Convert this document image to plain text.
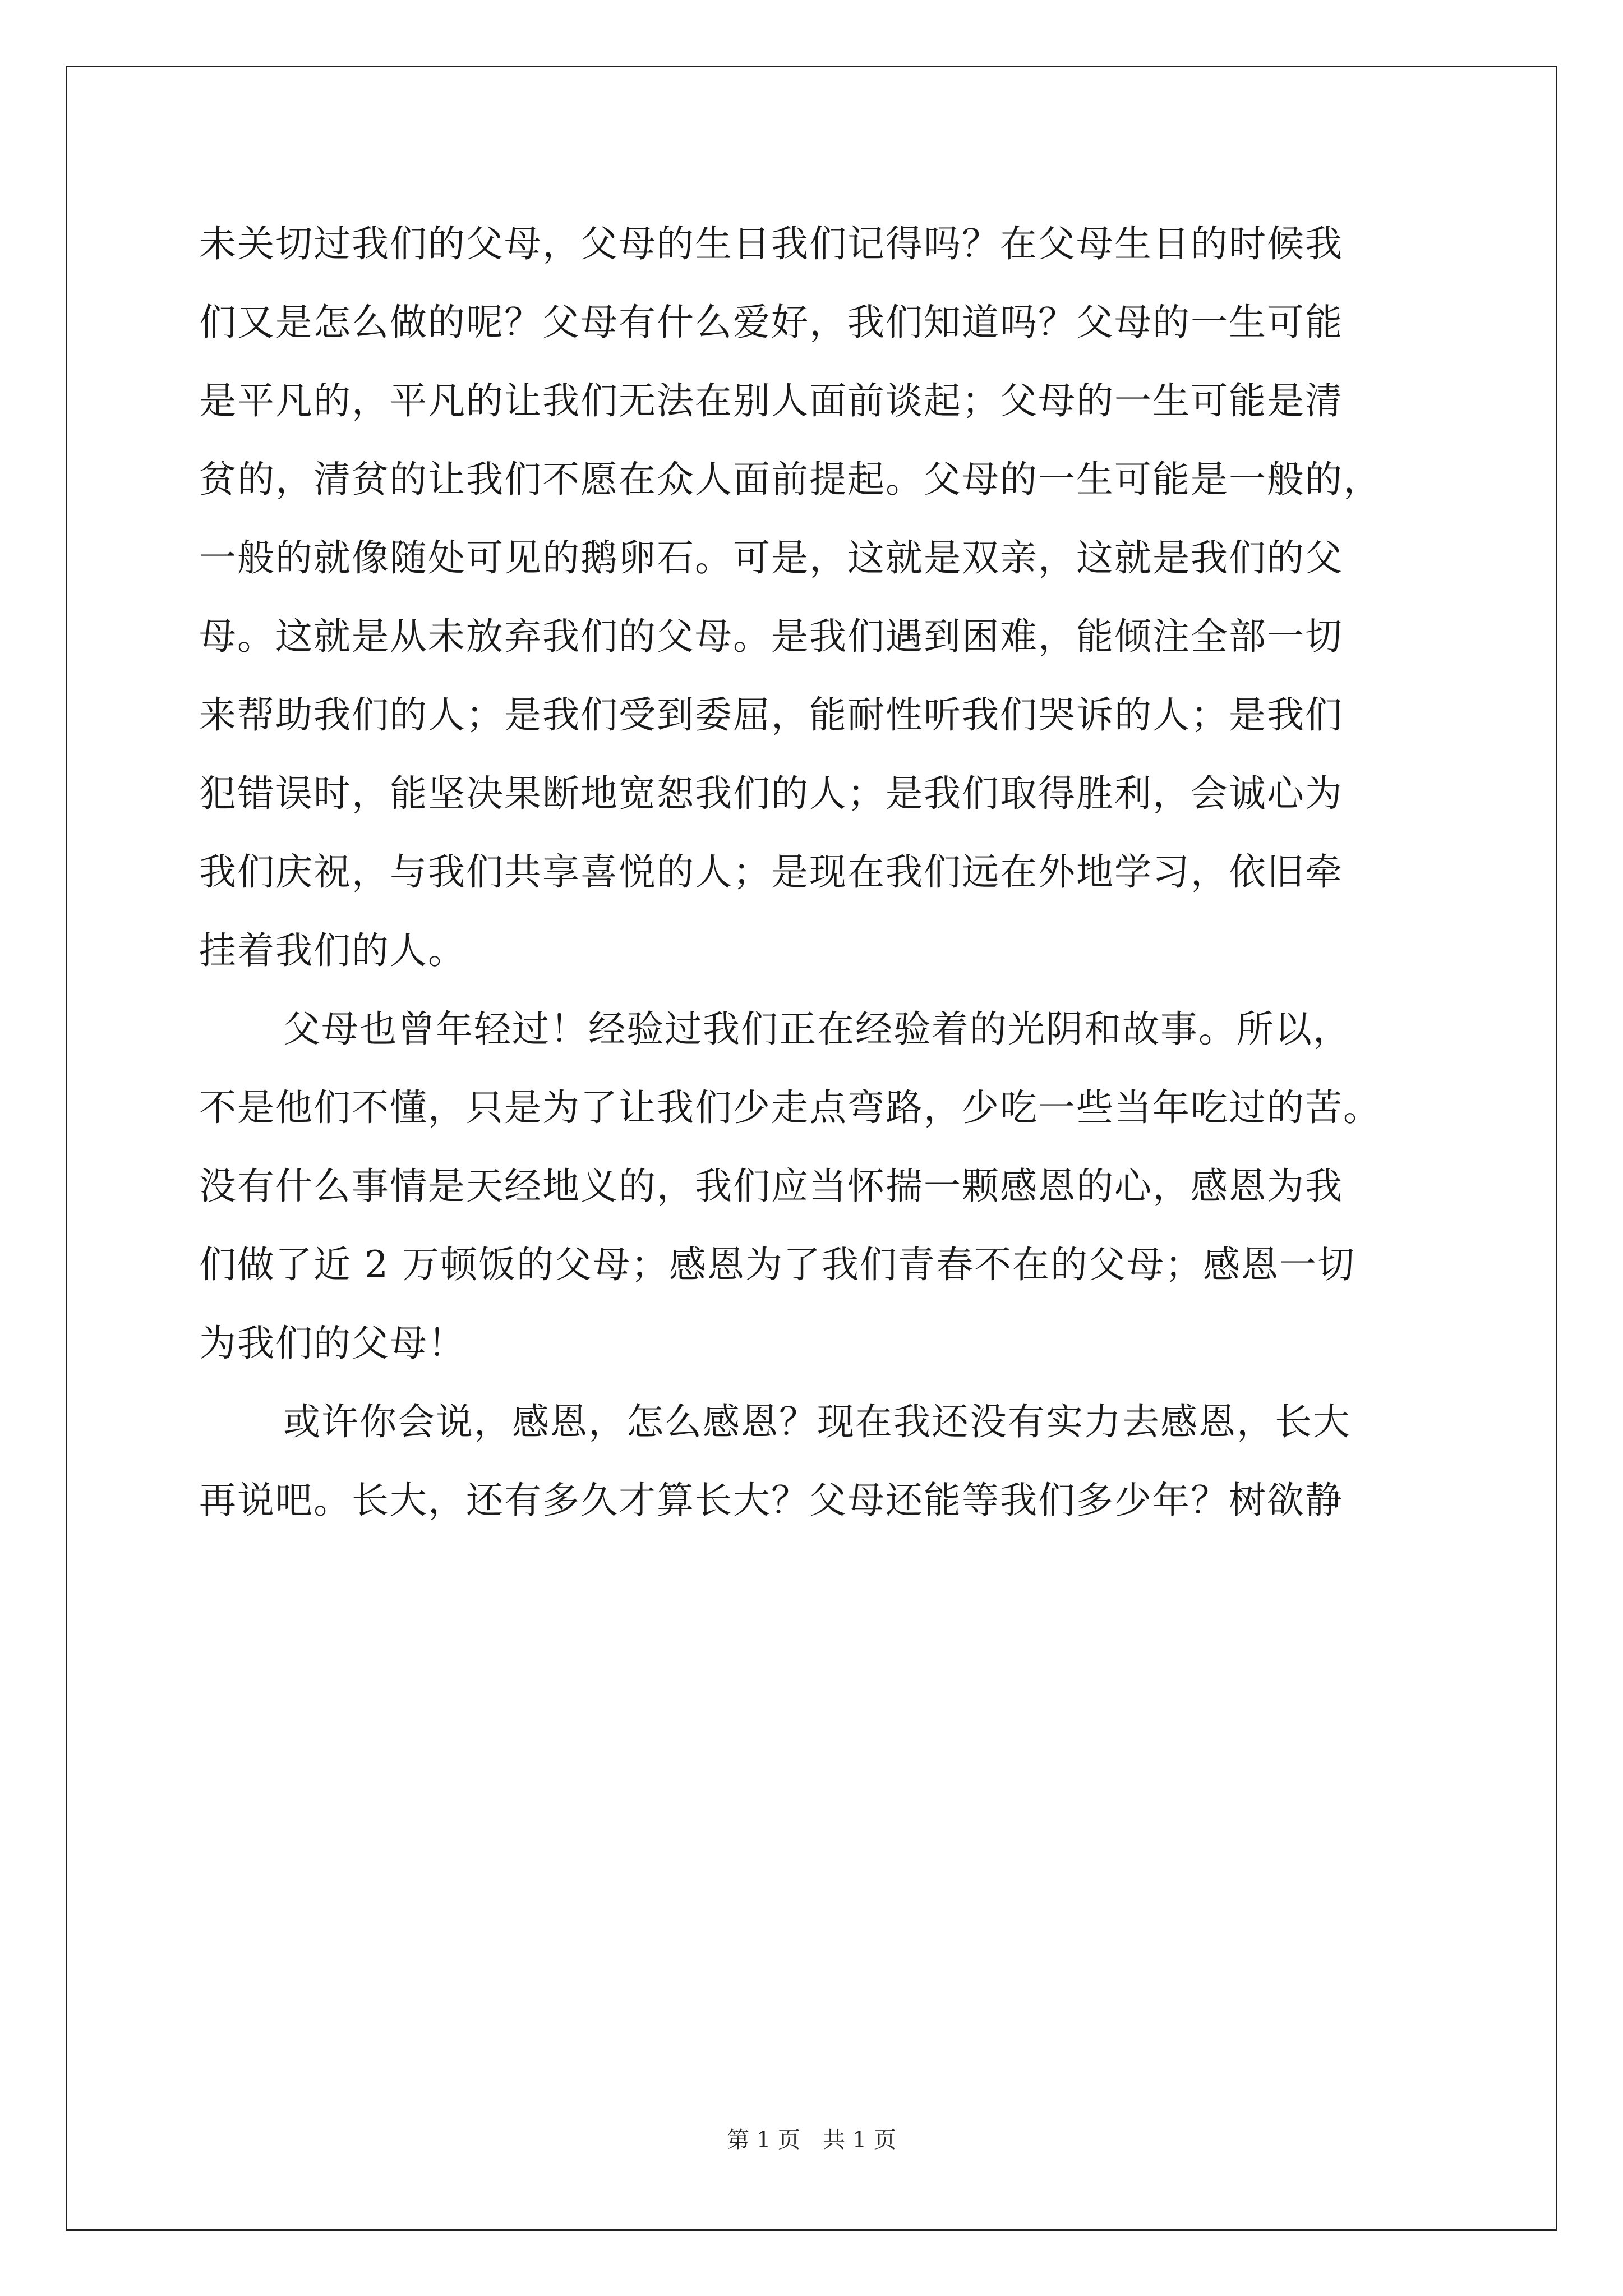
未关切过我们的父母，父母的生日我们记得吗？在父母生日的时候我
们又是怎么做的呢？父母有什么爱好，我们知道吗？父母的一生可能
是平凡的，平凡的让我们无法在别人面前谈起；父母的一生可能是清
贫的，清贫的让我们不愿在众人面前提起。父母的一生可能是一般的，
一般的就像随处可见的鹅卵石。可是，这就是双亲，这就是我们的父
母。这就是从未放弃我们的父母。是我们遇到困难，能倾注全部一切
来帮助我们的人；是我们受到委屈，能耐性听我们哭诉的人；是我们
犯错误时，能坚决果断地宽恕我们的人；是我们取得胜利，会诚心为
我们庆祝，与我们共享喜悦的人；是现在我们远在外地学习，依旧牵
挂着我们的人。
父母也曾年轻过！经验过我们正在经验着的光阴和故事。所以，
不是他们不懂，只是为了让我们少走点弯路，少吃一些当年吃过的苦。
没有什么事情是天经地义的，我们应当怀揣一颗感恩的心，感恩为我
们做了近 2 万顿饭的父母；感恩为了我们青春不在的父母；感恩一切
为我们的父母！
或许你会说，感恩，怎么感恩？现在我还没有实力去感恩，长大
再说吧。长大，还有多久才算长大？父母还能等我们多少年？树欲静
第 1 页 共 1 页
